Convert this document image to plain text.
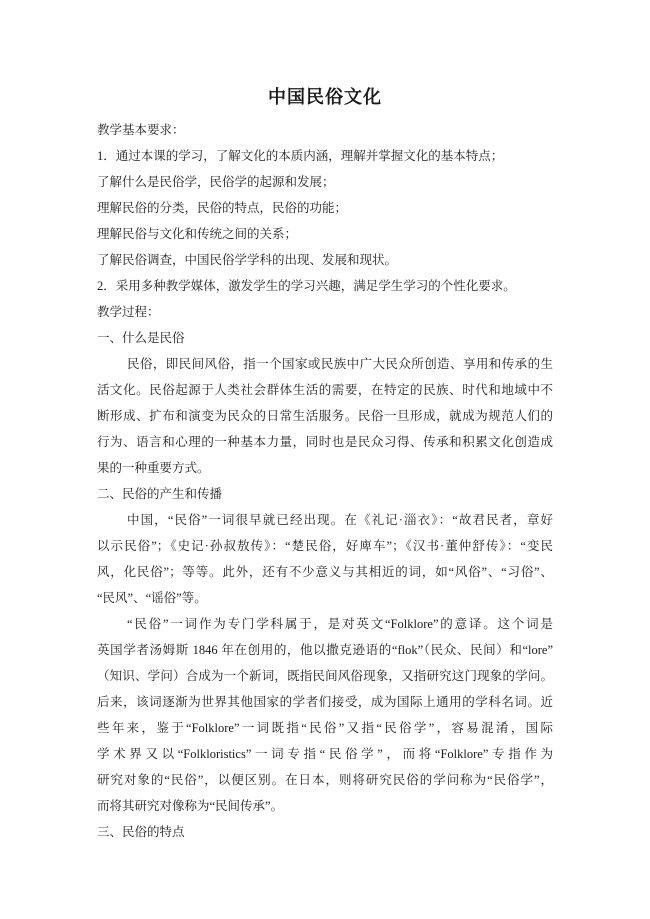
中国民俗文化
教学基本要求：
1．通过本课的学习，了解文化的本质内涵，理解并掌握文化的基本特点；
了解什么是民俗学，民俗学的起源和发展；
理解民俗的分类，民俗的特点，民俗的功能；
理解民俗与文化和传统之间的关系；
了解民俗调查，中国民俗学学科的出现、发展和现状。
2．采用多种教学媒体，激发学生的学习兴趣，满足学生学习的个性化要求。
教学过程：
一、什么是民俗
民俗，即民间风俗，指一个国家或民族中广大民众所创造、享用和传承的生
活文化。民俗起源于人类社会群体生活的需要，在特定的民族、时代和地域中不
断形成、扩布和演变为民众的日常生活服务。民俗一旦形成，就成为规范人们的
行为、语言和心理的一种基本力量，同时也是民众习得、传承和积累文化创造成
果的一种重要方式。
二、民俗的产生和传播
中国，“民俗”一词很早就已经出现。在《礼记·淄衣》：“故君民者，章好
以示民俗”；《史记·孙叔敖传》：“楚民俗，好庳车”；《汉书·董仲舒传》：“变民
风，化民俗”；等等。此外，还有不少意义与其相近的词，如“风俗”、“习俗”、
“民风”、“谣俗”等。
“民俗”一词作为专门学科属于，是对英文“Folklore”的意译。这个词是
英国学者汤姆斯 1846 年在创用的，他以撒克逊语的“flok”（民众、民间）和“lore”
（知识、学问）合成为一个新词，既指民间风俗现象，又指研究这门现象的学问。
后来，该词逐渐为世界其他国家的学者们接受，成为国际上通用的学科名词。近
些年来，鉴于“Folklore”一词既指“民俗”又指“民俗学”，容易混淆，国际
学术界又以“Folkloristics”一词专指“民俗学”，而将“Folklore”专指作为
研究对象的“民俗”，以便区别。在日本，则将研究民俗的学问称为“民俗学”，
而将其研究对像称为“民间传承”。
三、民俗的特点
